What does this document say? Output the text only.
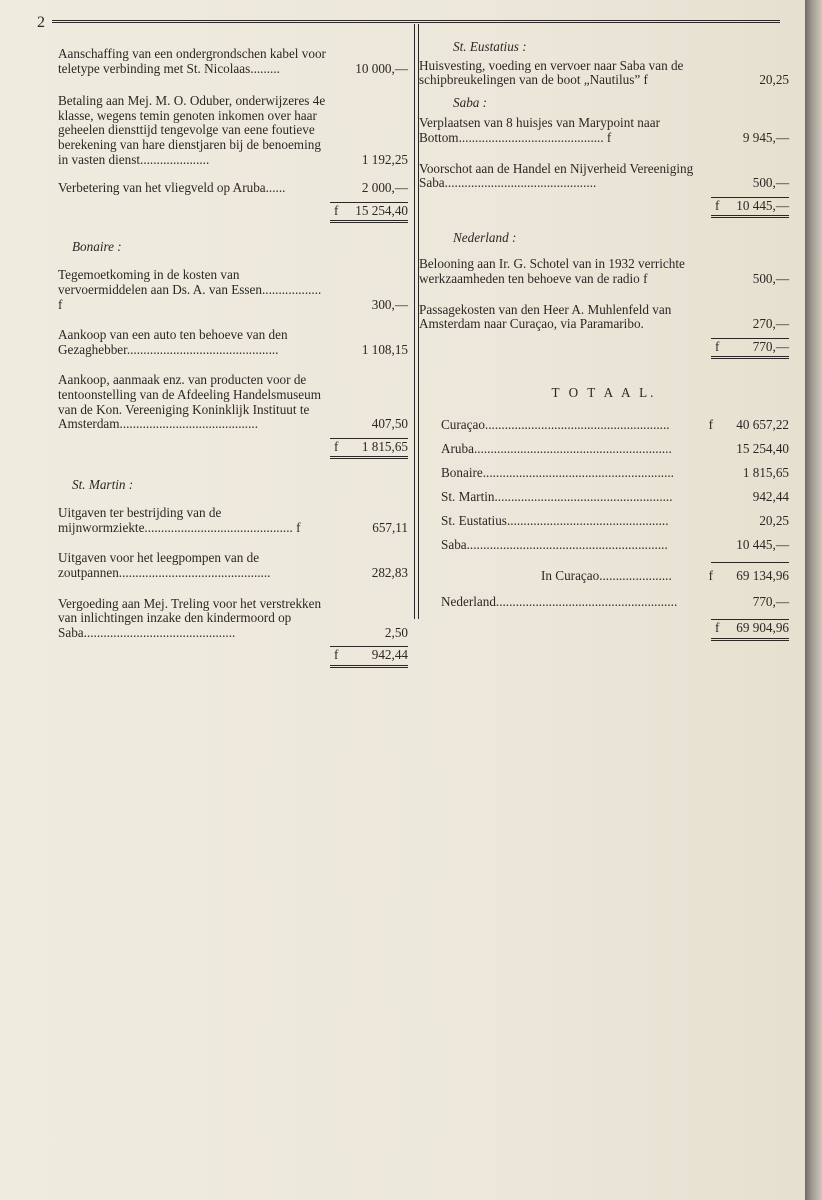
2
Aanschaffing van een ondergrondschen kabel voor teletype verbinding met St. Nicolaas.........	10 000,—
Betaling aan Mej. M. O. Oduber, onderwijzeres 4e klasse, wegens temin genoten inkomen over haar geheelen diensttijd tengevolge van eene foutieve berekening van hare dienstjaren bij de benoeming in vasten dienst.....................	1 192,25
Verbetering van het vliegveld op Aruba......	2 000,—
f 15 254,40
Bonaire :
Tegemoetkoming in de kosten van vervoermiddelen aan Ds. A. van Essen.................. f	300,—
Aankoop van een auto ten behoeve van den Gezaghebber..............................................	1 108,15
Aankoop, aanmaak enz. van producten voor de tentoonstelling van de Afdeeling Handelsmuseum van de Kon. Vereeniging Koninklijk Instituut te Amsterdam..........................................	407,50
f 1 815,65
St. Martin :
Uitgaven ter bestrijding van de mijnwormziekte............................................. f	657,11
Uitgaven voor het leegpompen van de zoutpannen..............................................	282,83
Vergoeding aan Mej. Treling voor het verstrekken van inlichtingen inzake den kindermoord op Saba..............................................	2,50
f	942,44
St. Eustatius :
Huisvesting, voeding en vervoer naar Saba van de schipbreukelingen van de boot „Nautilus” f	20,25
Saba :
Verplaatsen van 8 huisjes van Marypoint naar Bottom............................................ f	9 945,—
Voorschot aan de Handel en Nijverheid Vereeniging Saba..............................................	500,—
f 10 445,—
Nederland :
Belooning aan Ir. G. Schotel van in 1932 verrichte werkzaamheden ten behoeve van de radio f	500,—
Passagekosten van den Heer A. Muhlenfeld van Amsterdam naar Curaçao, via Paramaribo.	270,—
f	770,—
T O T A A L.
Curaçao........................................................	f 40 657,22
Aruba............................................................	15 254,40
Bonaire..........................................................	1 815,65
St. Martin......................................................	942,44
St. Eustatius.................................................	20,25
Saba.............................................................	10 445,—
In Curaçao......................	f 69 134,96
Nederland.......................................................	770,—
f 69 904,96
